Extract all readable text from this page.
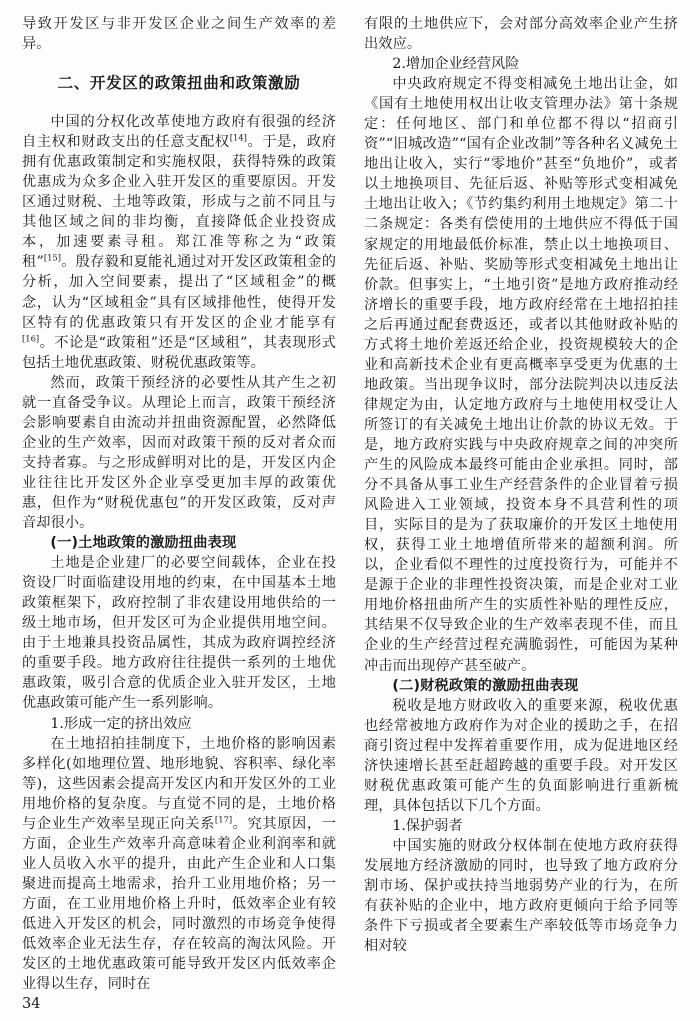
导致开发区与非开发区企业之间生产效率的差异。

二、开发区的政策扭曲和政策激励

中国的分权化改革使地方政府有很强的经济自主权和财政支出的任意支配权[14]。于是，政府拥有优惠政策制定和实施权限，获得特殊的政策优惠成为众多企业入驻开发区的重要原因。开发区通过财税、土地等政策，形成与之前不同且与其他区域之间的非均衡，直接降低企业投资成本，加速要素寻租。郑江准等称之为“政策租”[15]。殷存毅和夏能礼通过对开发区政策租金的分析，加入空间要素，提出了“区域租金”的概念，认为“区域租金”具有区域排他性，使得开发区特有的优惠政策只有开发区的企业才能享有[16]。不论是“政策租”还是“区域租”，其表现形式包括土地优惠政策、财税优惠政策等。

然而，政策干预经济的必要性从其产生之初就一直备受争议。从理论上而言，政策干预经济会影响要素自由流动并扭曲资源配置，必然降低企业的生产效率，因而对政策干预的反对者众而支持者寡。与之形成鲜明对比的是，开发区内企业往往比开发区外企业享受更加丰厚的政策优惠，但作为“财税优惠包”的开发区政策，反对声音却很小。

(一)土地政策的激励扭曲表现

土地是企业建厂的必要空间载体，企业在投资设厂时面临建设用地的约束，在中国基本土地政策框架下，政府控制了非农建设用地供给的一级土地市场，但开发区可为企业提供用地空间。由于土地兼具投资品属性，其成为政府调控经济的重要手段。地方政府往往提供一系列的土地优惠政策，吸引合意的优质企业入驻开发区，土地优惠政策可能产生一系列影响。

1.形成一定的挤出效应

在土地招拍挂制度下，土地价格的影响因素多样化(如地理位置、地形地貌、容积率、绿化率等)，这些因素会提高开发区内和开发区外的工业用地价格的复杂度。与直觉不同的是，土地价格与企业生产效率呈现正向关系[17]。究其原因，一方面，企业生产效率升高意味着企业利润率和就业人员收入水平的提升，由此产生企业和人口集聚进而提高土地需求，抬升工业用地价格；另一方面，在工业用地价格上升时，低效率企业有较低进入开发区的机会，同时激烈的市场竞争使得低效率企业无法生存，存在较高的淘汰风险。开发区的土地优惠政策可能导致开发区内低效率企业得以生存，同时在

有限的土地供应下，会对部分高效率企业产生挤出效应。

2.增加企业经营风险

中央政府规定不得变相减免土地出让金，如《国有土地使用权出让收支管理办法》第十条规定：任何地区、部门和单位都不得以“招商引资”“旧城改造”“国有企业改制”等各种名义减免土地出让收入，实行“零地价”甚至“负地价”，或者以土地换项目、先征后返、补贴等形式变相减免土地出让收入；《节约集约利用土地规定》第二十二条规定：各类有偿使用的土地供应不得低于国家规定的用地最低价标准，禁止以土地换项目、先征后返、补贴、奖励等形式变相减免土地出让价款。但事实上，“土地引资”是地方政府推动经济增长的重要手段，地方政府经常在土地招拍挂之后再通过配套费返还，或者以其他财政补贴的方式将土地价差返还给企业，投资规模较大的企业和高新技术企业有更高概率享受更为优惠的土地政策。当出现争议时，部分法院判决以违反法律规定为由，认定地方政府与土地使用权受让人所签订的有关减免土地出让价款的协议无效。于是，地方政府实践与中央政府规章之间的冲突所产生的风险成本最终可能由企业承担。同时，部分不具备从事工业生产经营条件的企业冒着亏损风险进入工业领域，投资本身不具营利性的项目，实际目的是为了获取廉价的开发区土地使用权，获得工业土地增值所带来的超额利润。所以，企业看似不理性的过度投资行为，可能并不是源于企业的非理性投资决策，而是企业对工业用地价格扭曲所产生的实质性补贴的理性反应，其结果不仅导致企业的生产效率表现不佳，而且企业的生产经营过程充满脆弱性，可能因为某种冲击而出现停产甚至破产。

(二)财税政策的激励扭曲表现

税收是地方财政收入的重要来源，税收优惠也经常被地方政府作为对企业的援助之手，在招商引资过程中发挥着重要作用，成为促进地区经济快速增长甚至赶超跨越的重要手段。对开发区财税优惠政策可能产生的负面影响进行重新梳理，具体包括以下几个方面。

1.保护弱者

中国实施的财政分权体制在使地方政府获得发展地方经济激励的同时，也导致了地方政府分割市场、保护或扶持当地弱势产业的行为，在所有获补贴的企业中，地方政府更倾向于给予同等条件下亏损或者全要素生产率较低等市场竞争力相对较

34
